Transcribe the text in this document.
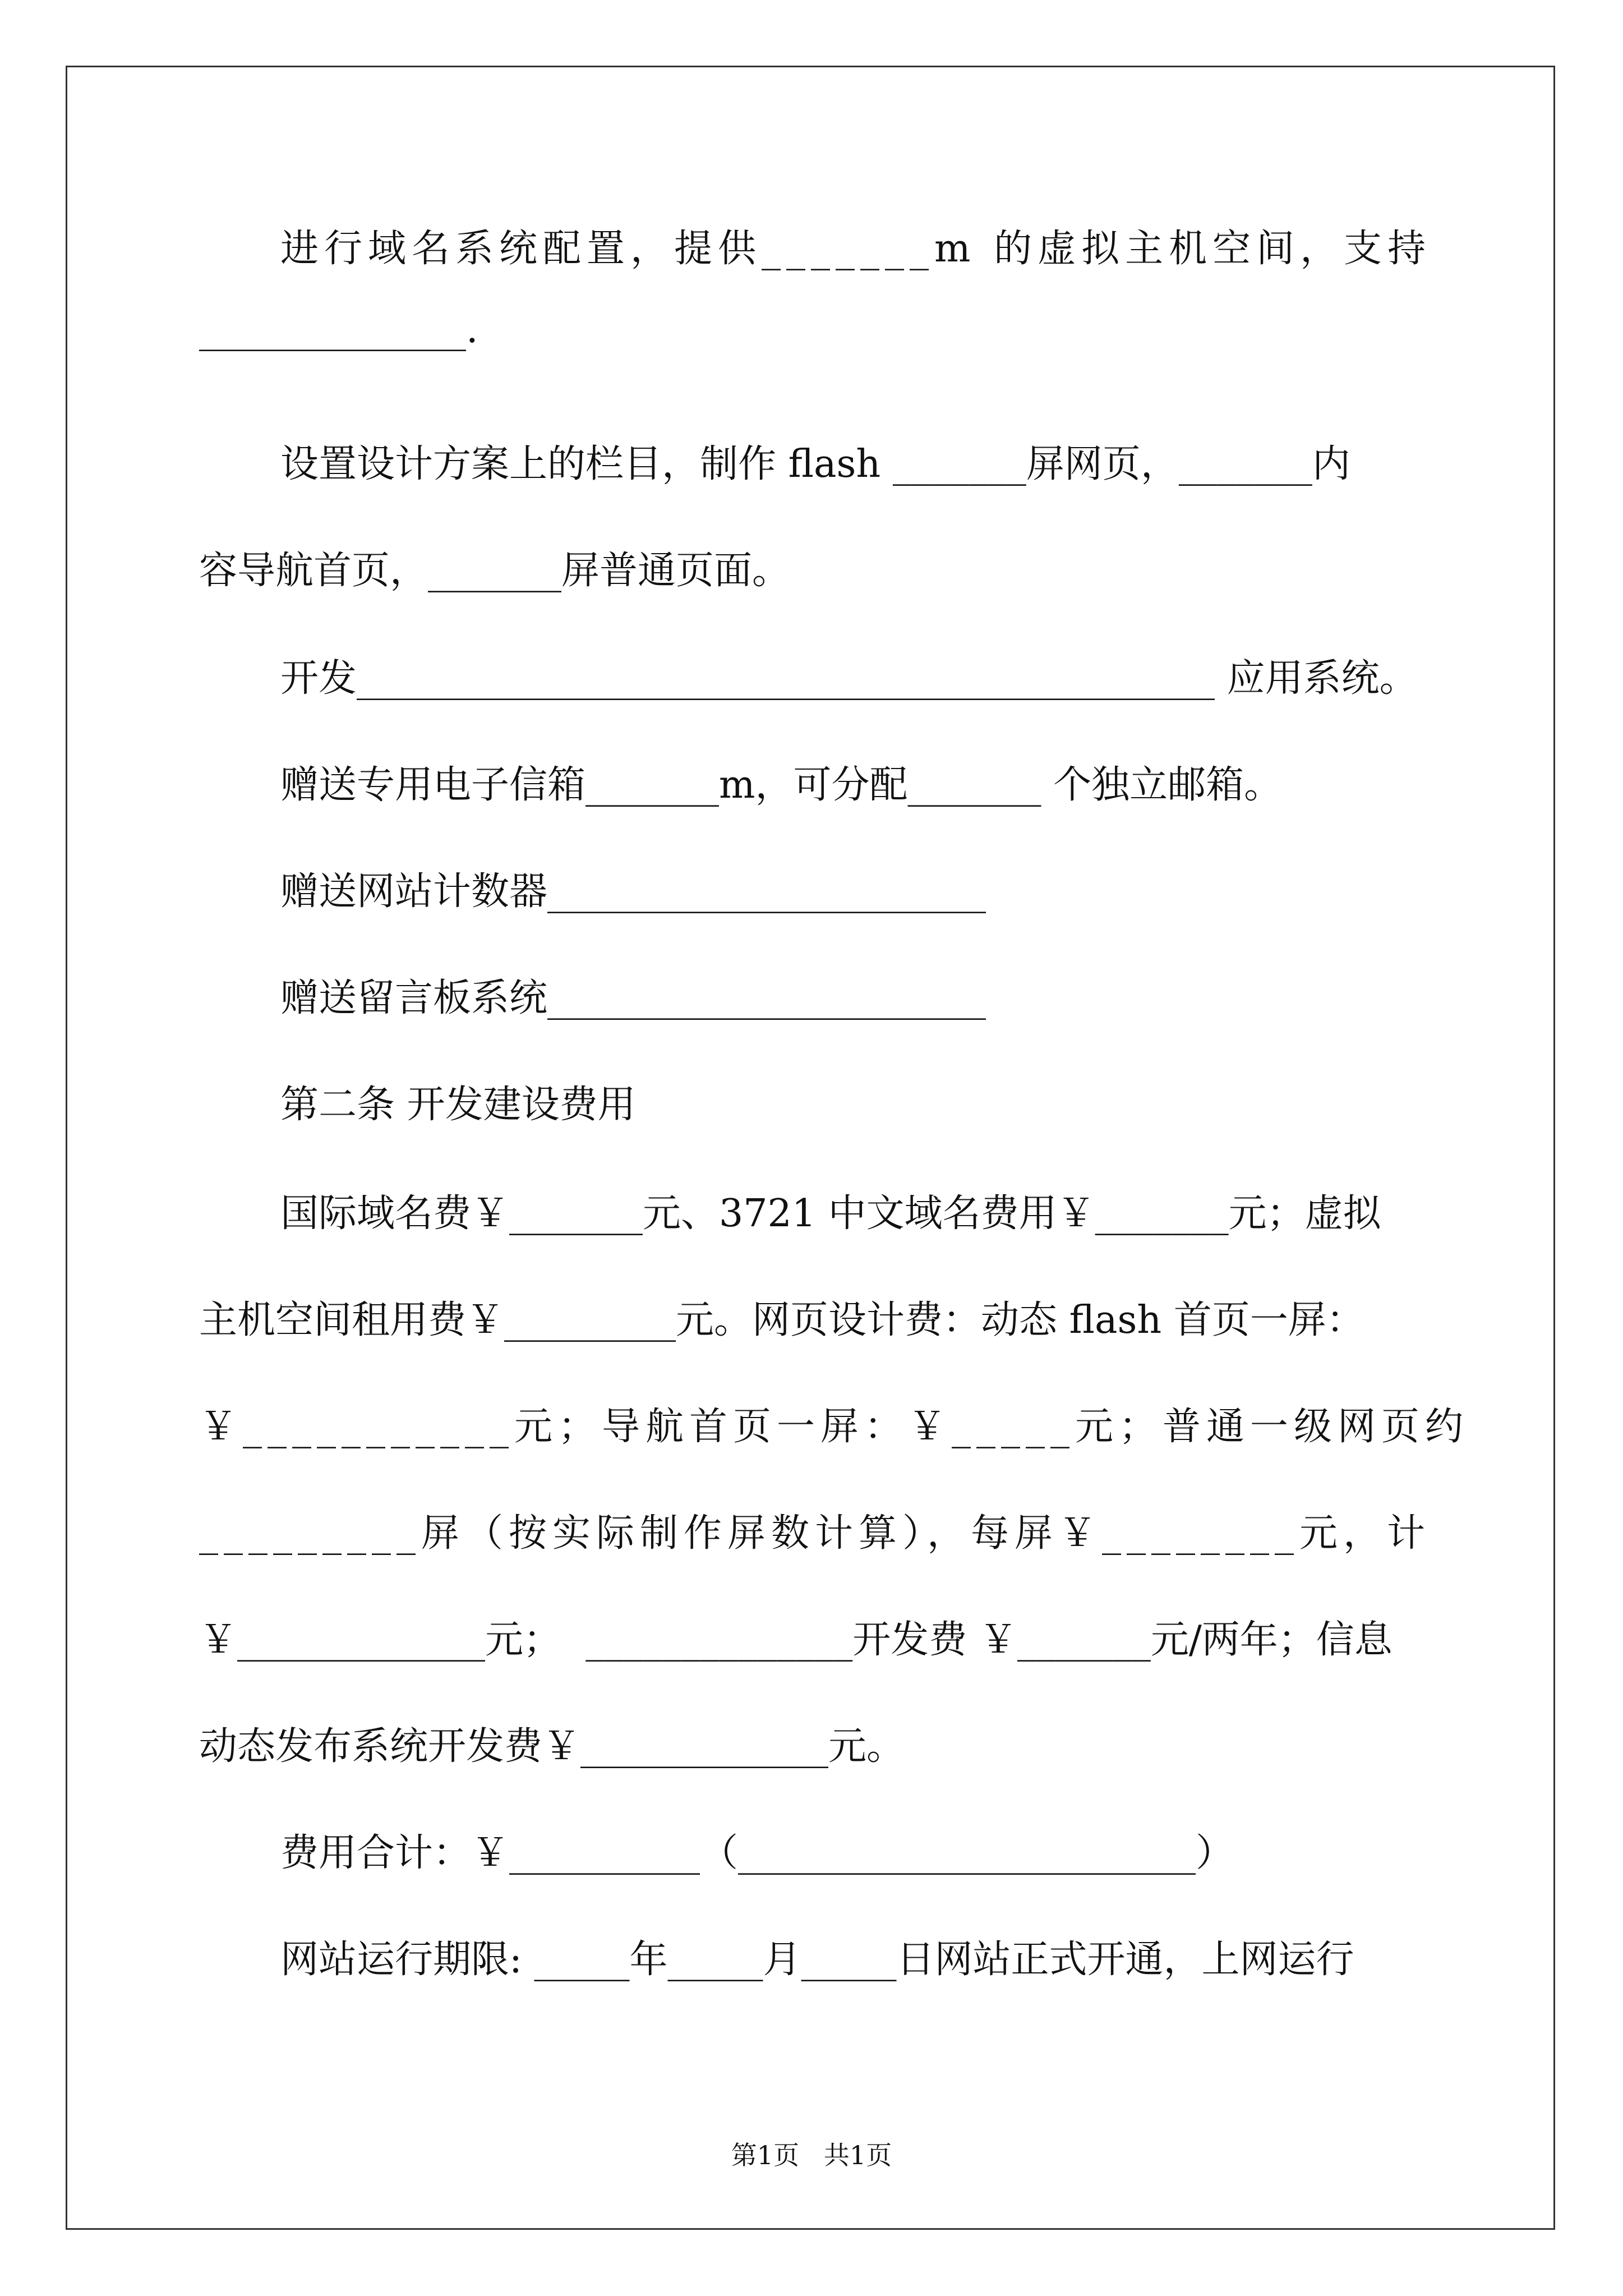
进行域名系统配置，提供_______m 的虚拟主机空间，支持
______________.
设置设计方案上的栏目，制作 flash _______屏网页，_______内
容导航首页，_______屏普通页面。
开发_____________________________________________ 应用系统。
赠送专用电子信箱_______m，可分配_______ 个独立邮箱。
赠送网站计数器_______________________
赠送留言板系统_______________________
第二条 开发建设费用
国际域名费￥_______元、3721 中文域名费用￥_______元；虚拟
主机空间租用费￥_________元。网页设计费：动态 flash 首页一屏：
￥___________元；导航首页一屏：￥_____元；普通一级网页约
_________屏（按实际制作屏数计算），每屏￥________元，计
￥_____________元；  ______________开发费 ￥_______元/两年；信息
动态发布系统开发费￥_____________元。
费用合计：￥__________（________________________）
网站运行期限: _____年_____月_____日网站正式开通，上网运行
第1页   共1页
